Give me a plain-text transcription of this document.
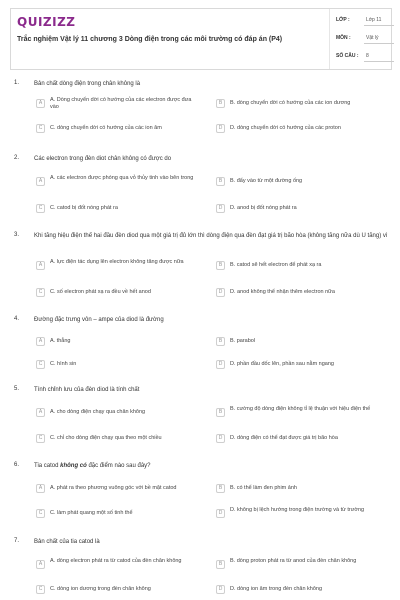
QUIZIZZ
Trắc nghiệm Vật lý 11 chương 3 Dòng điện trong các môi trường có đáp án (P4)
LỚP :	Lớp 11
MÔN :	Vật lý
SỐ CÂU : 8
1. Bản chất dòng điện trong chân không là
A	A. Dòng chuyển dời có hướng của các electron được đưa vào
B	B. dòng chuyển dời có hướng của các ion dương
C	C. dòng chuyển dời có hướng của các ion âm	D	D. dòng chuyển dời có hướng của các proton
2. Các electron trong đèn diot chân không có được do
A	A. các electron được phóng qua vỏ thủy tinh vào bên trong	B	B. đẩy vào từ một đường ống
C	C. catod bị đốt nóng phát ra	D	D. anod bị đốt nóng phát ra
3. Khi tăng hiệu điện thế hai đầu đèn diod qua một giá trị đủ lớn thì dòng điện qua đèn đạt giá trị bão hòa (không tăng nữa dù U tăng) vì
A	A. lực điện tác dụng lên electron không tăng được nữa	B	B. catod sẽ hết electron để phát xạ ra
C	C. số electron phát xạ ra đều về hết anod	D	D. anod không thể nhận thêm electron nữa
4. Đường đặc trưng vôn – ampe của diod là đường
A	A. thẳng	B	B. parabol
C	C. hình sin	D	D. phần đầu dốc lên, phần sau nằm ngang
5. Tính chỉnh lưu của đèn diod là tính chất
A	A. cho dòng điện chạy qua chân không	B	B. cường độ dòng điện không tỉ lệ thuận với hiệu điện thế
C	C. chỉ cho dòng điện chạy qua theo một chiều	D	D. dòng điện có thể đạt được giá trị bão hòa
6. Tia catod không có đặc điểm nào sau đây?
A	A. phát ra theo phương vuông góc với bề mặt catod	B	B. có thể làm đen phim ảnh
C	C. làm phát quang một số tinh thể	D	D. không bị lệch hướng trong điện trường và từ trường
7. Bản chất của tia catod là
A	A. dòng electron phát ra từ catod của đèn chân không	B	B. dòng proton phát ra từ anod của đèn chân không
C	C. dòng ion dương trong đèn chân không	D	D. dòng ion âm trong đèn chân không
